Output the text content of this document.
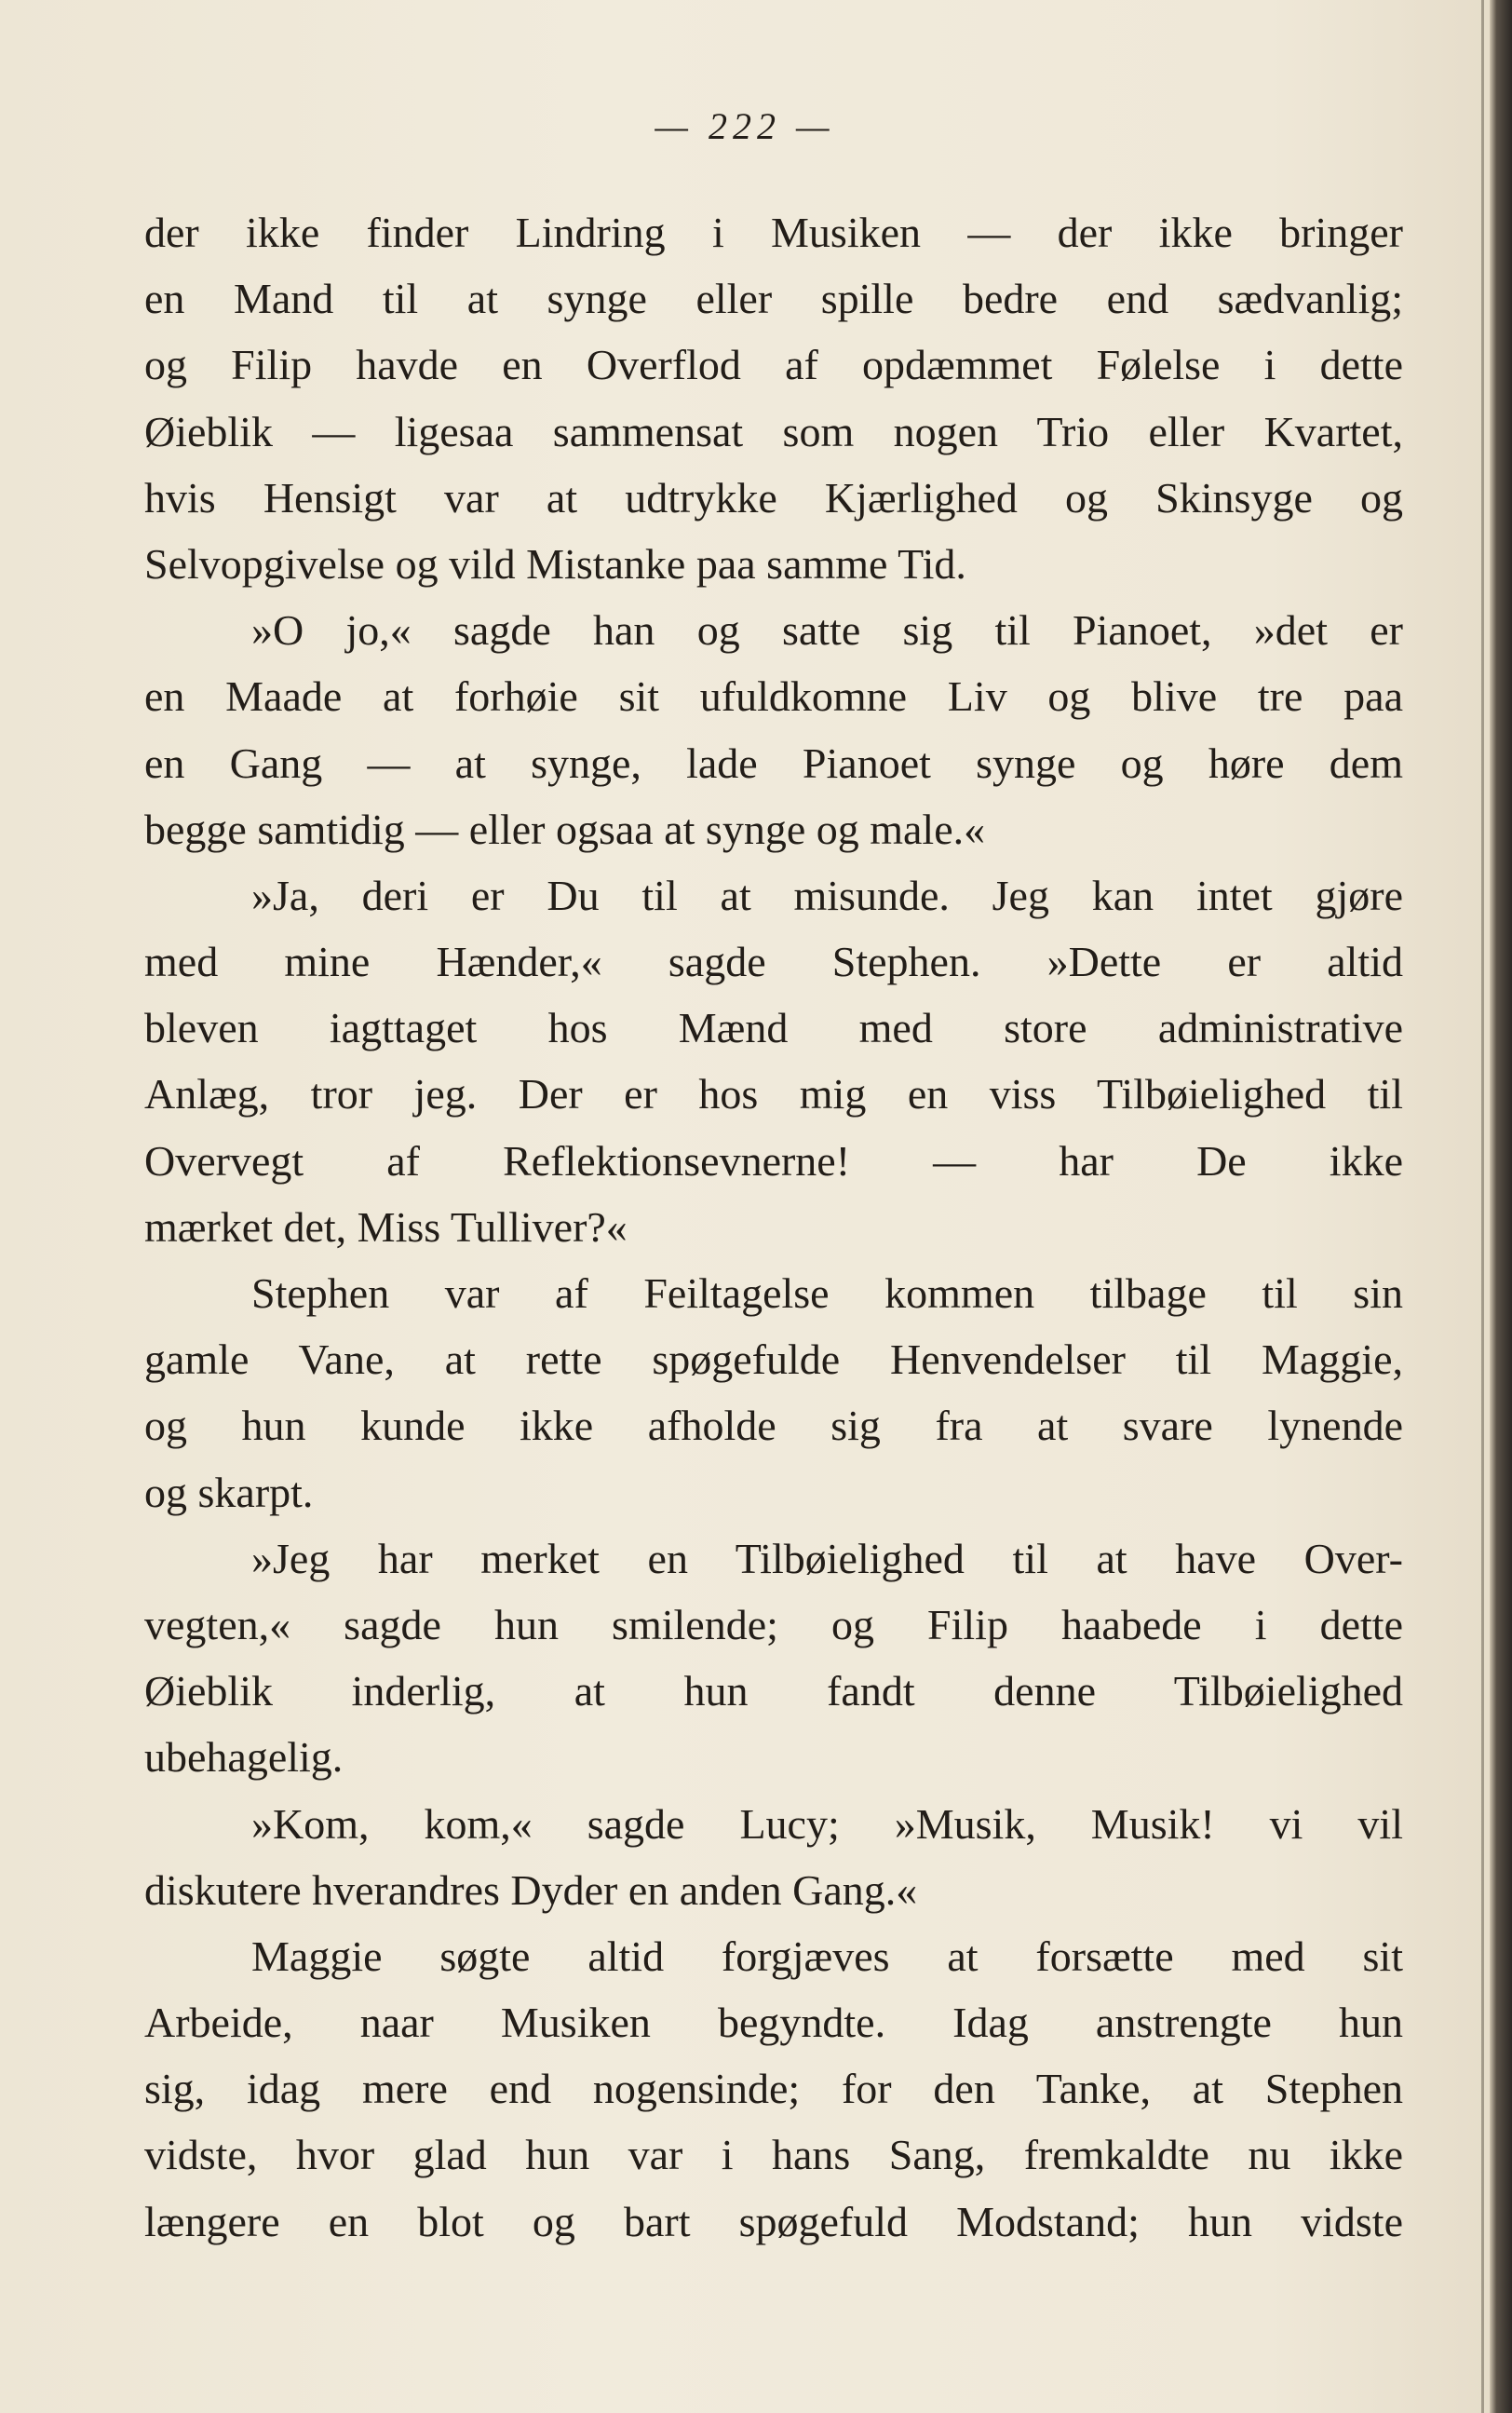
— 222 —
der ikke finder Lindring i Musiken — der ikke bringer
en Mand til at synge eller spille bedre end sædvanlig;
og Filip havde en Overflod af opdæmmet Følelse i dette
Øieblik — ligesaa sammensat som nogen Trio eller Kvartet,
hvis Hensigt var at udtrykke Kjærlighed og Skinsyge og
Selvopgivelse og vild Mistanke paa samme Tid.
»O jo,« sagde han og satte sig til Pianoet, »det er
en Maade at forhøie sit ufuldkomne Liv og blive tre paa
en Gang — at synge, lade Pianoet synge og høre dem
begge samtidig — eller ogsaa at synge og male.«
»Ja, deri er Du til at misunde. Jeg kan intet gjøre
med mine Hænder,« sagde Stephen. »Dette er altid
bleven iagttaget hos Mænd med store administrative
Anlæg, tror jeg. Der er hos mig en viss Tilbøielighed til
Overvegt af Reflektionsevnerne! — har De ikke
mærket det, Miss Tulliver?«
Stephen var af Feiltagelse kommen tilbage til sin
gamle Vane, at rette spøgefulde Henvendelser til Maggie,
og hun kunde ikke afholde sig fra at svare lynende
og skarpt.
»Jeg har merket en Tilbøielighed til at have Over-
vegten,« sagde hun smilende; og Filip haabede i dette
Øieblik inderlig, at hun fandt denne Tilbøielighed
ubehagelig.
»Kom, kom,« sagde Lucy; »Musik, Musik! vi vil
diskutere hverandres Dyder en anden Gang.«
Maggie søgte altid forgjæves at forsætte med sit
Arbeide, naar Musiken begyndte. Idag anstrengte hun
sig, idag mere end nogensinde; for den Tanke, at Stephen
vidste, hvor glad hun var i hans Sang, fremkaldte nu ikke
længere en blot og bart spøgefuld Modstand; hun vidste
